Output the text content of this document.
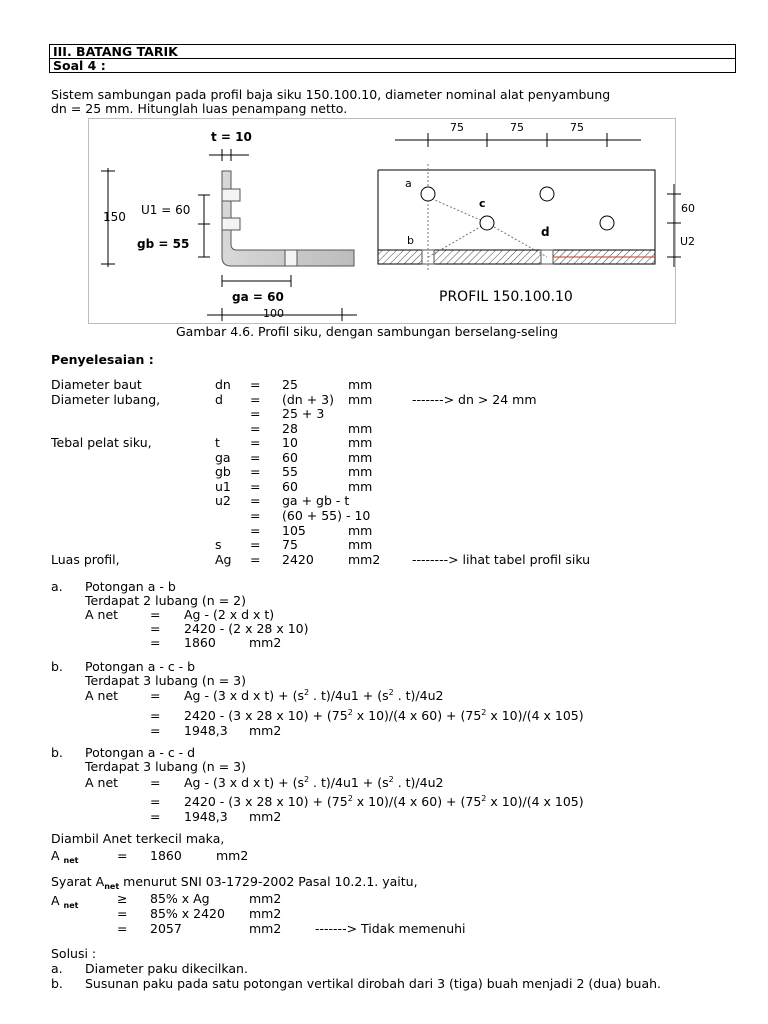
III. BATANG TARIK
Soal 4 :
Sistem sambungan pada profil baja siku 150.100.10, diameter nominal alat penyambung
dn = 25 mm. Hitunglah luas penampang netto.
t = 10
150 U1 = 60
gb = 55
ga = 60
100
75	75	75
a
c
b
d
60
U2
PROFIL 150.100.10
Gambar 4.6. Profil siku, dengan sambungan berselang-seling
Penyelesaian :
Diameter baut	dn = 25	mm
Diameter lubang,	d = (dn + 3) mm	-------> dn > 24 mm
= 25 + 3
= 28	mm
Tebal pelat siku,	t = 10	mm
ga = 60	mm
gb = 55	mm
u1 = 60	mm
u2 = ga + gb - t
= (60 + 55) - 10
= 105	mm
s = 75	mm
Luas profil,	Ag = 2420	mm2	--------> lihat tabel profil siku
a. Potongan a - b
Terdapat 2 lubang (n = 2)
A net	= Ag - (2 x d x t)
= 2420 - (2 x 28 x 10)
= 1860	mm2
b. Potongan a - c - b
Terdapat 3 lubang (n = 3)
A net	= Ag - (3 x d x $t) + (s^2$ . $t)/4u1 + (s^2$ . t)/4u2
= 2420 - (3 x 28 x $10) + (75^2$ x 10)/(4 x $60) + (75^2$ x 10)/(4 x 105)
= 1948,3 mm2
b. Potongan a - c - d
Terdapat 3 lubang (n = 3)
A net	= Ag - (3 x d x $t) + (s^2$ . $t)/4u1 + (s^2$ . t)/4u2
= 2420 - (3 x 28 x $10) + (75^2$ x 10)/(4 x $60) + (75^2$ x 10)/(4 x 105)
= 1948,3 mm2
Diambil Anet terkecil maka,
A $_{net}$	= 1860	mm2
Syarat $A_{net}$ menurut SNI 03-1729-2002 Pasal 10.2.1. yaitu,
A $_{net}$	≥ 85% x Ag	mm2
= 85% x 2420 mm2
= 2057	mm2	-------> Tidak memenuhi
Solusi :
a. Diameter paku dikecilkan.
b. Susunan paku pada satu potongan vertikal dirobah dari 3 (tiga) buah menjadi 2 (dua) buah.
